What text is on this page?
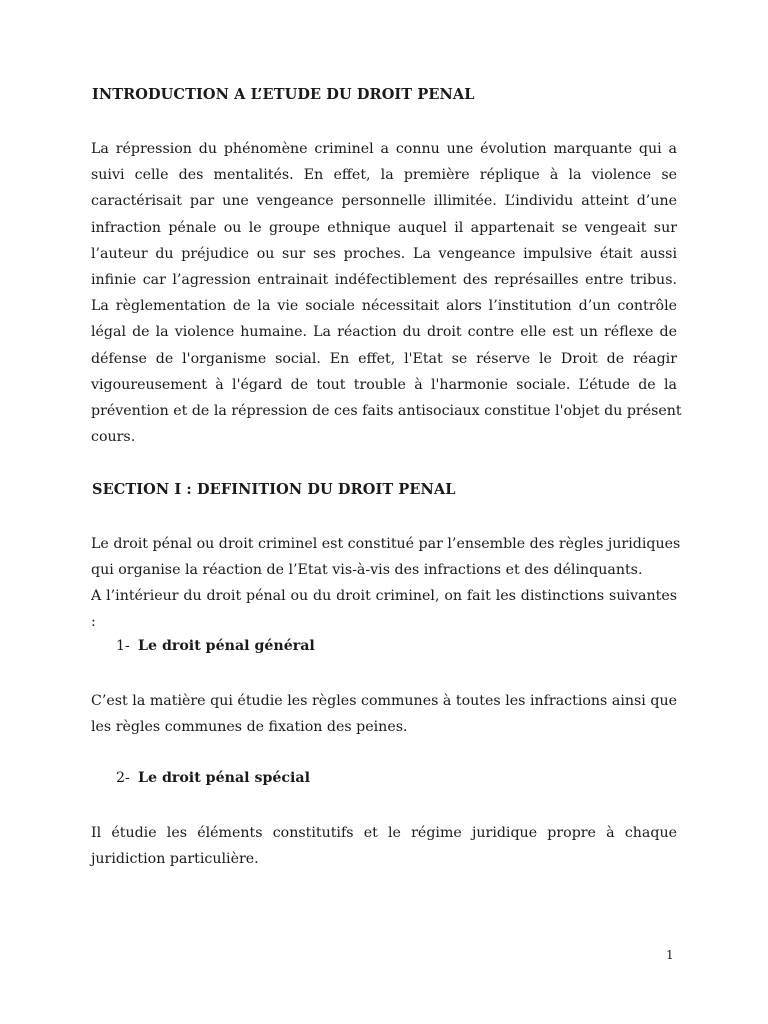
INTRODUCTION A L’ETUDE DU DROIT PENAL
La répression du phénomène criminel a connu une évolution marquante qui a
suivi celle des mentalités. En effet, la première réplique à la violence se
caractérisait par une vengeance personnelle illimitée. L’individu atteint d’une
infraction pénale ou le groupe ethnique auquel il appartenait se vengeait sur
l’auteur du préjudice ou sur ses proches. La vengeance impulsive était aussi
infinie car l’agression entrainait indéfectiblement des représailles entre tribus.
La règlementation de la vie sociale nécessitait alors l’institution d’un contrôle
légal de la violence humaine. La réaction du droit contre elle est un réflexe de
défense de l'organisme social. En effet, l'Etat se réserve le Droit de réagir
vigoureusement à l'égard de tout trouble à l'harmonie sociale. L’étude de la
prévention et de la répression de ces faits antisociaux constitue l'objet du présent
cours.
SECTION I : DEFINITION DU DROIT PENAL
Le droit pénal ou droit criminel est constitué par l’ensemble des règles juridiques
qui organise la réaction de l’Etat vis-à-vis des infractions et des délinquants.
A l’intérieur du droit pénal ou du droit criminel, on fait les distinctions suivantes
:
1- Le droit pénal général
C’est la matière qui étudie les règles communes à toutes les infractions ainsi que
les règles communes de fixation des peines.
2- Le droit pénal spécial
Il étudie les éléments constitutifs et le régime juridique propre à chaque
juridiction particulière.
1
